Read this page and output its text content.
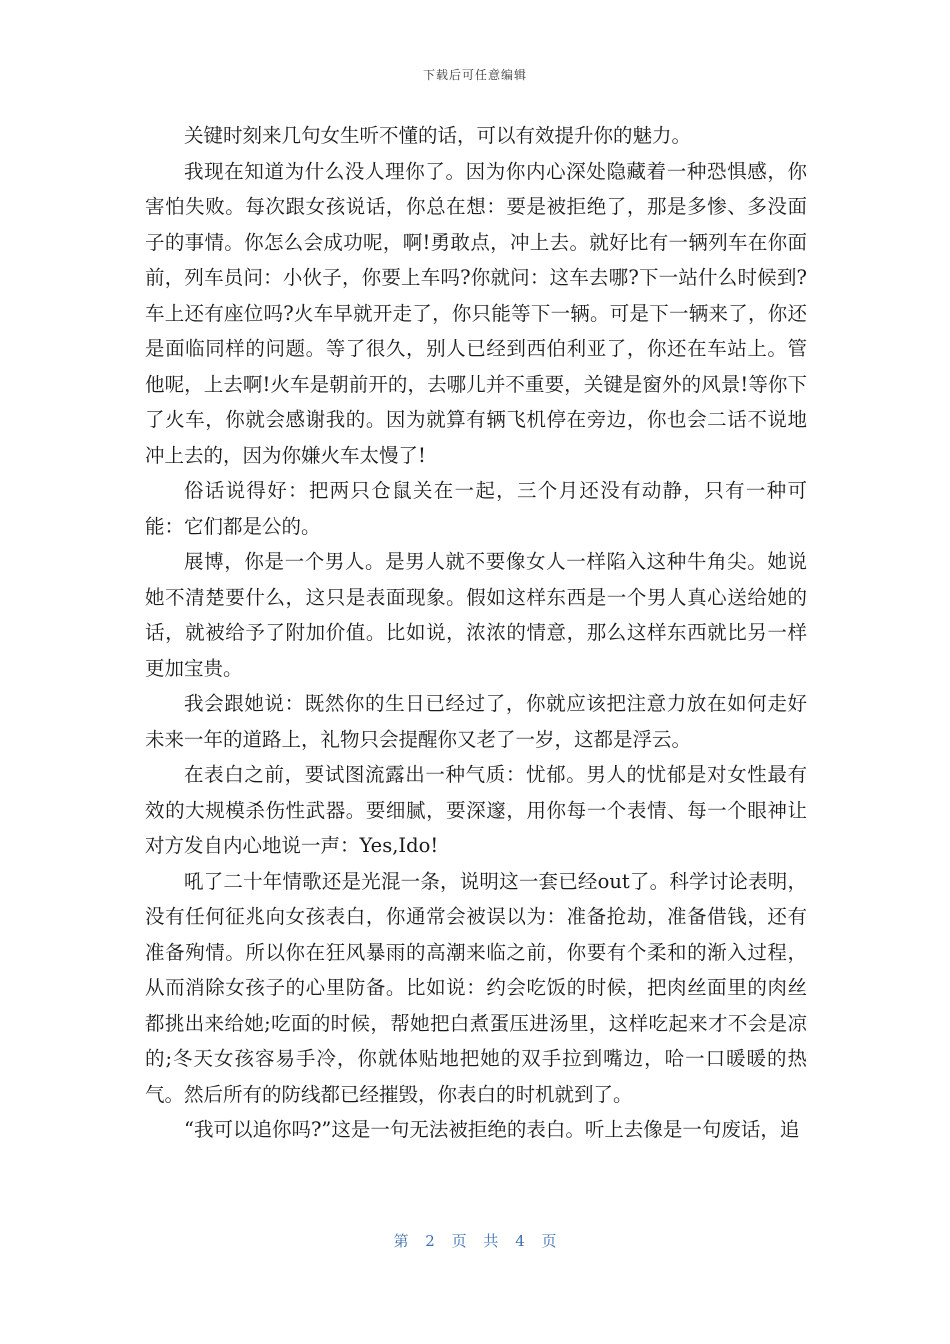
下载后可任意编辑

关键时刻来几句女生听不懂的话，可以有效提升你的魅力。

我现在知道为什么没人理你了。因为你内心深处隐藏着一种恐惧感，你害怕失败。每次跟女孩说话，你总在想：要是被拒绝了，那是多惨、多没面子的事情。你怎么会成功呢，啊!勇敢点，冲上去。就好比有一辆列车在你面前，列车员问：小伙子，你要上车吗?你就问：这车去哪?下一站什么时候到?车上还有座位吗?火车早就开走了，你只能等下一辆。可是下一辆来了，你还是面临同样的问题。等了很久，别人已经到西伯利亚了，你还在车站上。管他呢，上去啊!火车是朝前开的，去哪儿并不重要，关键是窗外的风景!等你下了火车，你就会感谢我的。因为就算有辆飞机停在旁边，你也会二话不说地冲上去的，因为你嫌火车太慢了!

俗话说得好：把两只仓鼠关在一起，三个月还没有动静，只有一种可能：它们都是公的。

展博，你是一个男人。是男人就不要像女人一样陷入这种牛角尖。她说她不清楚要什么，这只是表面现象。假如这样东西是一个男人真心送给她的话，就被给予了附加价值。比如说，浓浓的情意，那么这样东西就比另一样更加宝贵。

我会跟她说：既然你的生日已经过了，你就应该把注意力放在如何走好未来一年的道路上，礼物只会提醒你又老了一岁，这都是浮云。

在表白之前，要试图流露出一种气质：忧郁。男人的忧郁是对女性最有效的大规模杀伤性武器。要细腻，要深邃，用你每一个表情、每一个眼神让对方发自内心地说一声：Yes,Ido!

吼了二十年情歌还是光混一条，说明这一套已经out了。科学讨论表明，没有任何征兆向女孩表白，你通常会被误以为：准备抢劫，准备借钱，还有准备殉情。所以你在狂风暴雨的高潮来临之前，你要有个柔和的渐入过程，从而消除女孩子的心里防备。比如说：约会吃饭的时候，把肉丝面里的肉丝都挑出来给她;吃面的时候，帮她把白煮蛋压进汤里，这样吃起来才不会是凉的;冬天女孩容易手冷，你就体贴地把她的双手拉到嘴边，哈一口暖暖的热气。然后所有的防线都已经摧毁，你表白的时机就到了。

“我可以追你吗?”这是一句无法被拒绝的表白。听上去像是一句废话，追

第 2 页 共 4 页
